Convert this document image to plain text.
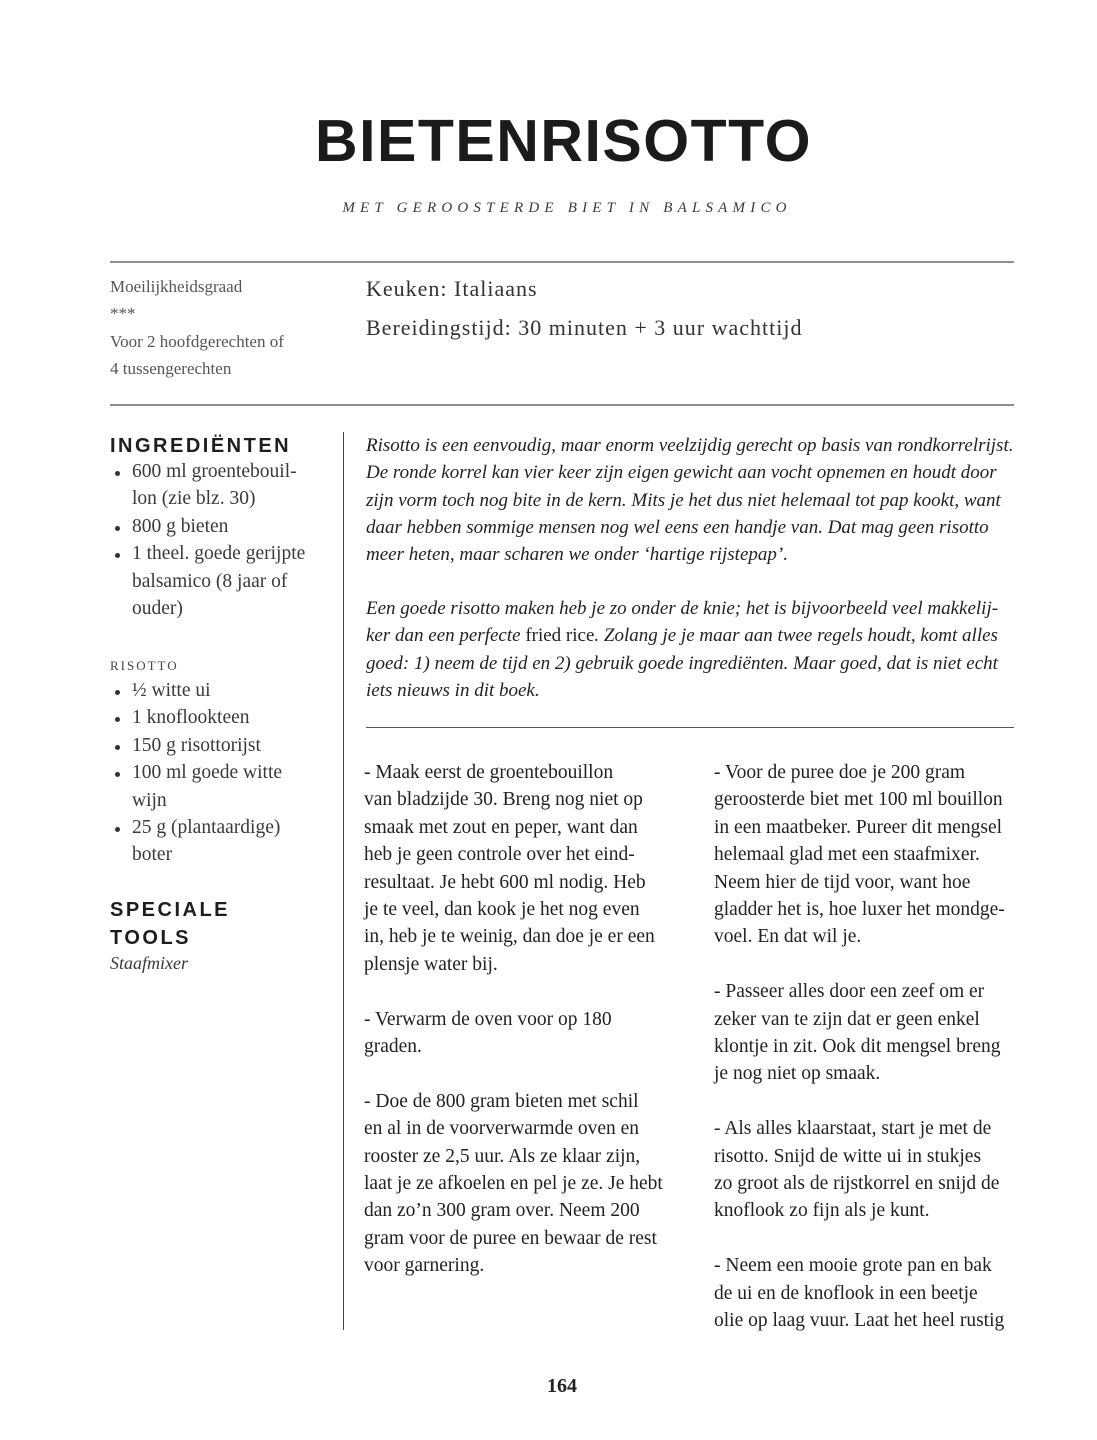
BIETENRISOTTO
MET GEROOSTERDE BIET IN BALSAMICO
Moeilijkheidsgraad
***
Voor 2 hoofdgerechten of
4 tussengerechten
Keuken: Italiaans
Bereidingstijd: 30 minuten + 3 uur wachttijd
INGREDIËNTEN
600 ml groentebouil-
lon (zie blz. 30)
800 g bieten
1 theel. goede gerijpte
balsamico (8 jaar of
ouder)
RISOTTO
½ witte ui
1 knoflookteen
150 g risottorijst
100 ml goede witte
wijn
25 g (plantaardige)
boter
SPECIALE
TOOLS
Staafmixer
Risotto is een eenvoudig, maar enorm veelzijdig gerecht op basis van rondkorrelrijst.
De ronde korrel kan vier keer zijn eigen gewicht aan vocht opnemen en houdt door
zijn vorm toch nog bite in de kern. Mits je het dus niet helemaal tot pap kookt, want
daar hebben sommige mensen nog wel eens een handje van. Dat mag geen risotto
meer heten, maar scharen we onder ‘hartige rijstepap’.
Een goede risotto maken heb je zo onder de knie; het is bijvoorbeeld veel makkelij-
ker dan een perfecte fried rice. Zolang je je maar aan twee regels houdt, komt alles
goed: 1) neem de tijd en 2) gebruik goede ingrediënten. Maar goed, dat is niet echt
iets nieuws in dit boek.
- Maak eerst de groentebouillon
van bladzijde 30. Breng nog niet op
smaak met zout en peper, want dan
heb je geen controle over het eind-
resultaat. Je hebt 600 ml nodig. Heb
je te veel, dan kook je het nog even
in, heb je te weinig, dan doe je er een
plensje water bij.
- Verwarm de oven voor op 180
graden.
- Doe de 800 gram bieten met schil
en al in de voorverwarmde oven en
rooster ze 2,5 uur. Als ze klaar zijn,
laat je ze afkoelen en pel je ze. Je hebt
dan zo’n 300 gram over. Neem 200
gram voor de puree en bewaar de rest
voor garnering.
- Voor de puree doe je 200 gram
geroosterde biet met 100 ml bouillon
in een maatbeker. Pureer dit mengsel
helemaal glad met een staafmixer.
Neem hier de tijd voor, want hoe
gladder het is, hoe luxer het mondge-
voel. En dat wil je.
- Passeer alles door een zeef om er
zeker van te zijn dat er geen enkel
klontje in zit. Ook dit mengsel breng
je nog niet op smaak.
- Als alles klaarstaat, start je met de
risotto. Snijd de witte ui in stukjes
zo groot als de rijstkorrel en snijd de
knoflook zo fijn als je kunt.
- Neem een mooie grote pan en bak
de ui en de knoflook in een beetje
olie op laag vuur. Laat het heel rustig
164
